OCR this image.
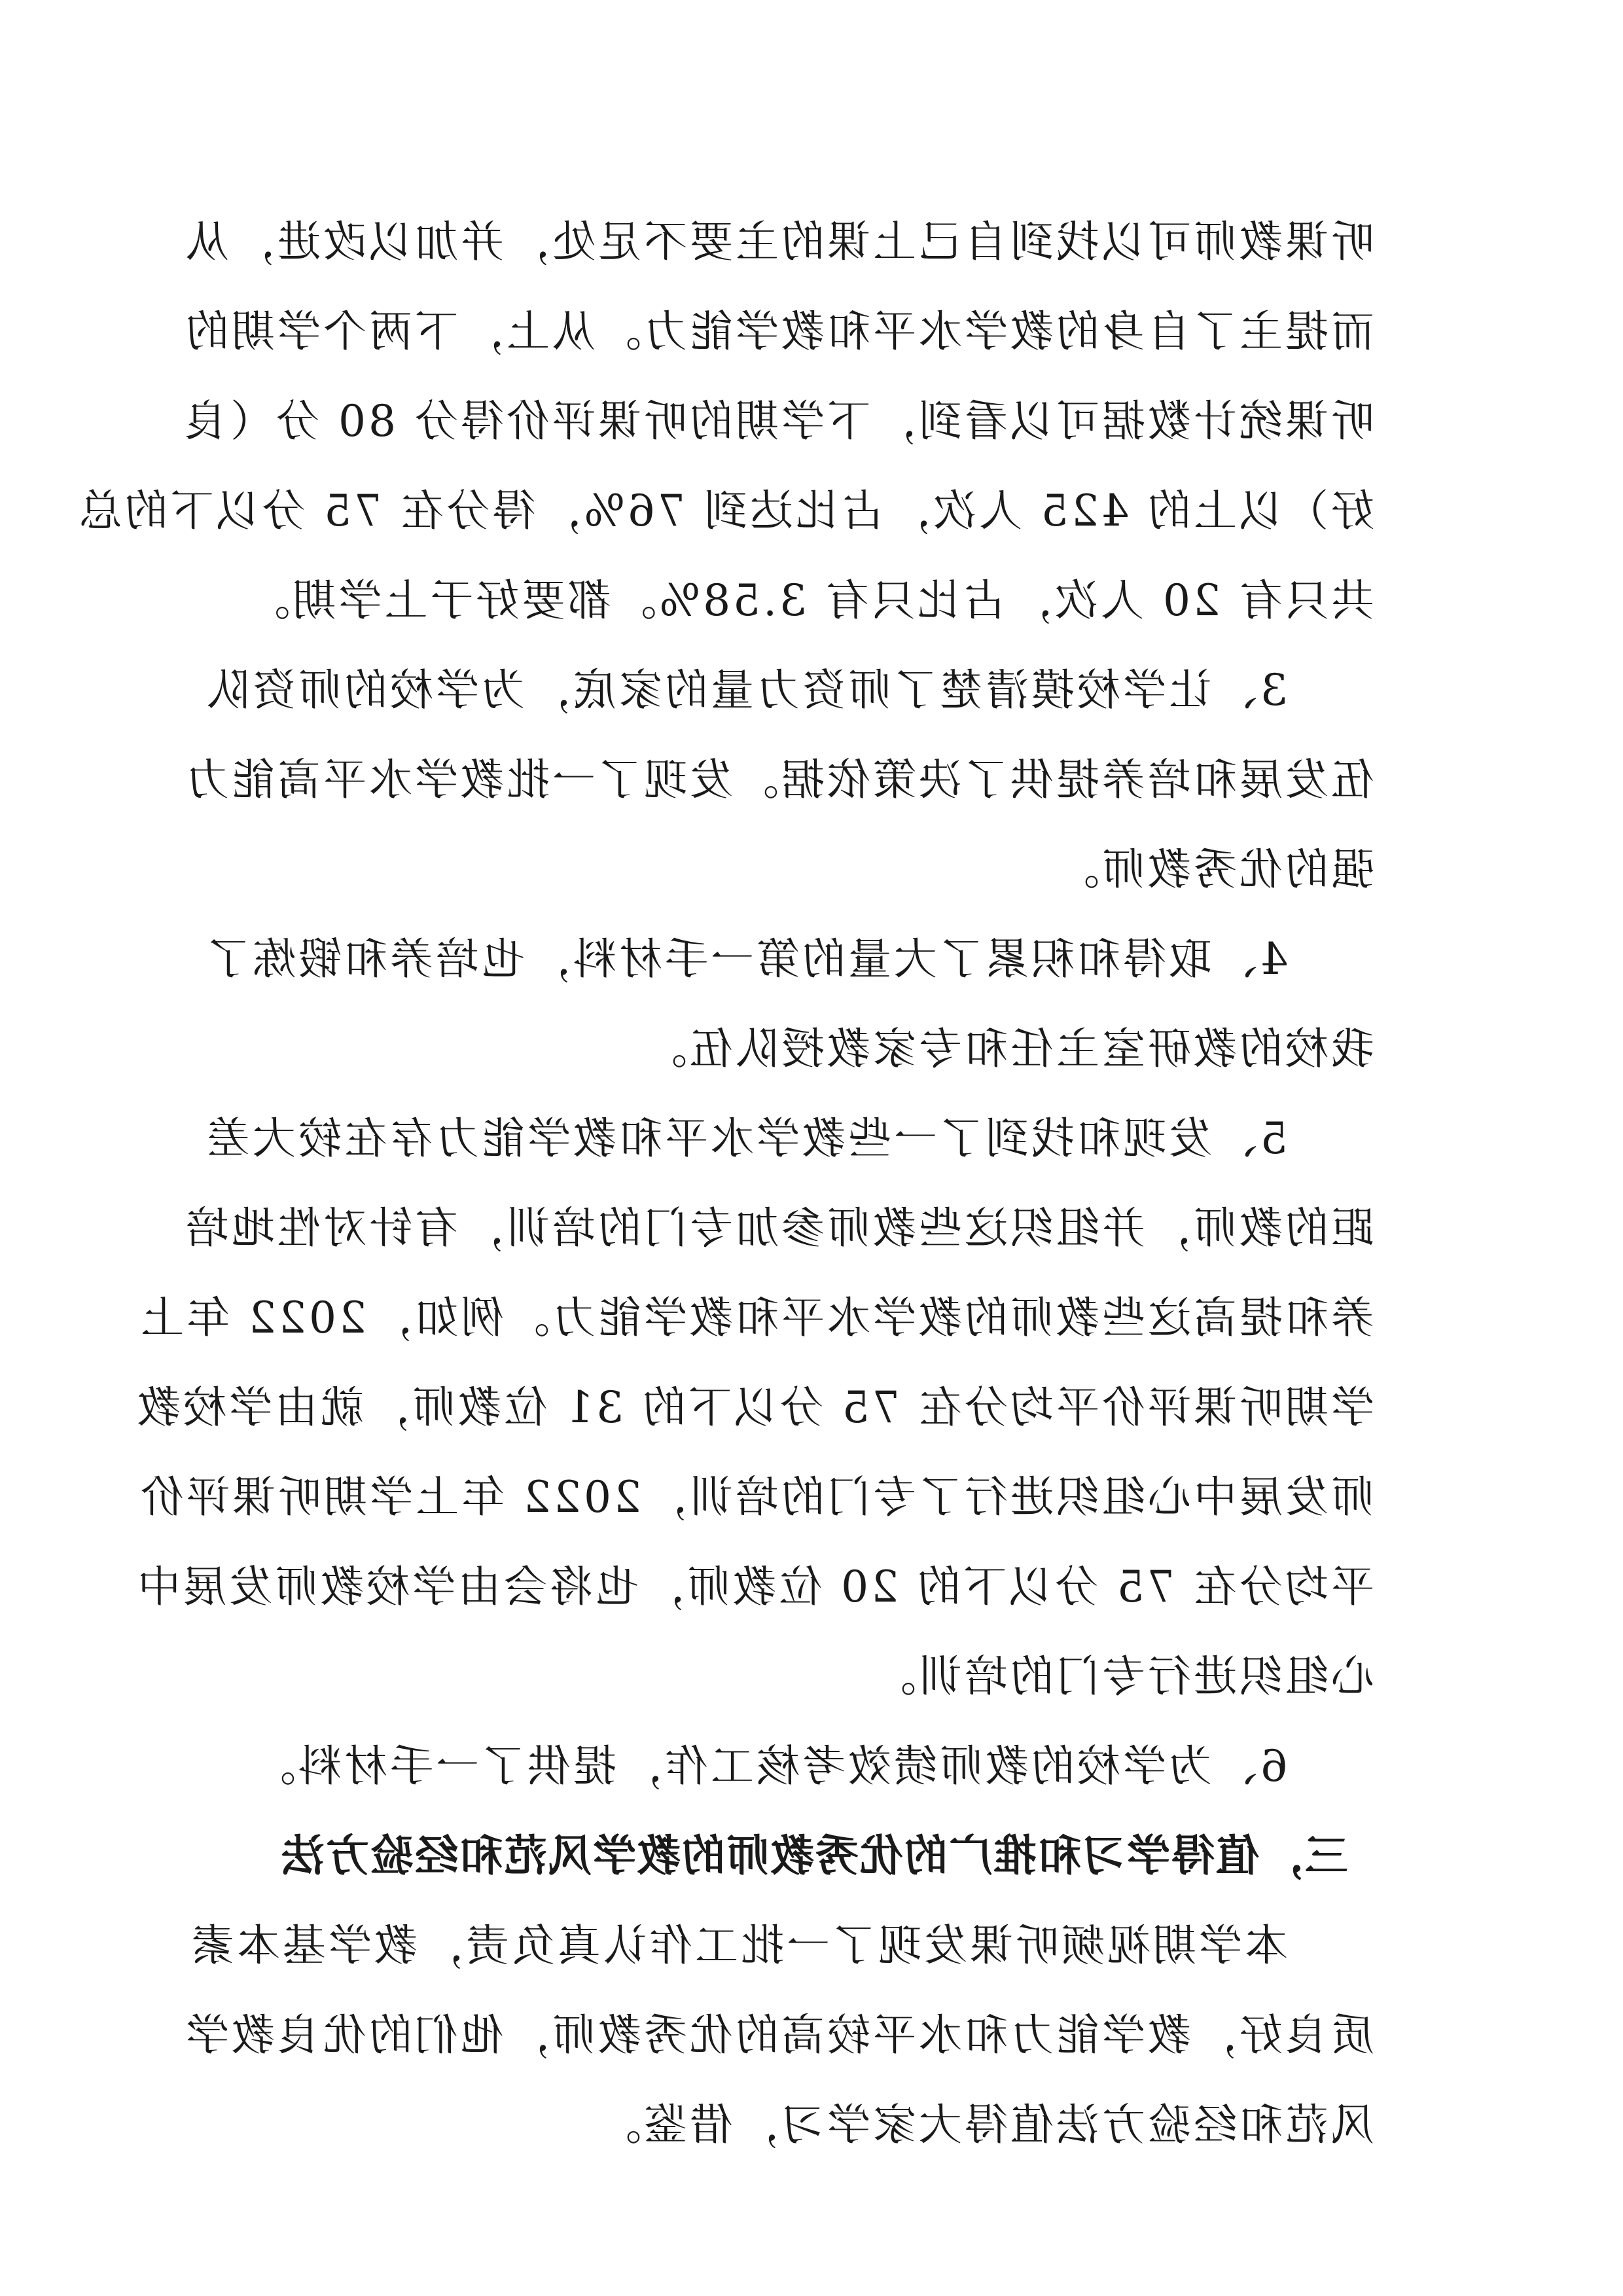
听课教师可以找到自己上课的主要不足处，并加以改进，从
而提主了自身的教学水平和教学能力。从上，下两个学期的
听课统计数据可以看到，下学期的听课评价得分 80 分（良
好）以上的 425 人次，占比达到 76%，得分在 75 分以下的总
共只有 20 人次，占比只有 3.58%。都要好于上学期。
3、让学校摸清楚了师资力量的家底，为学校的师资队
伍发展和培养提供了决策依据。发现了一批教学水平高能力
强的优秀教师。
4、取得和积累了大量的第一手材料，也培养和锻炼了
我校的教研室主任和专家教授队伍。
5、发现和找到了一些教学水平和教学能力存在较大差
距的教师，并组织这些教师参加专门的培训，有针对性地培
养和提高这些教师的教学水平和教学能力。例如，2022 年上
学期听课评价平均分在 75 分以下的 31 位教师，就由学校教
师发展中心组织进行了专门的培训，2022 年上学期听课评价
平均分在 75 分以下的 20 位教师，也将会由学校教师发展中
心组织进行专门的培训。
6、为学校的教师绩效考核工作，提供了一手材料。
三，值得学习和推广的优秀教师的教学风范和经验方法
本学期视频听课发现了一批工作认真负责，教学基本素
质良好，教学能力和水平较高的优秀教师，他们的优良教学
风范和经验方法值得大家学习，借鉴。
